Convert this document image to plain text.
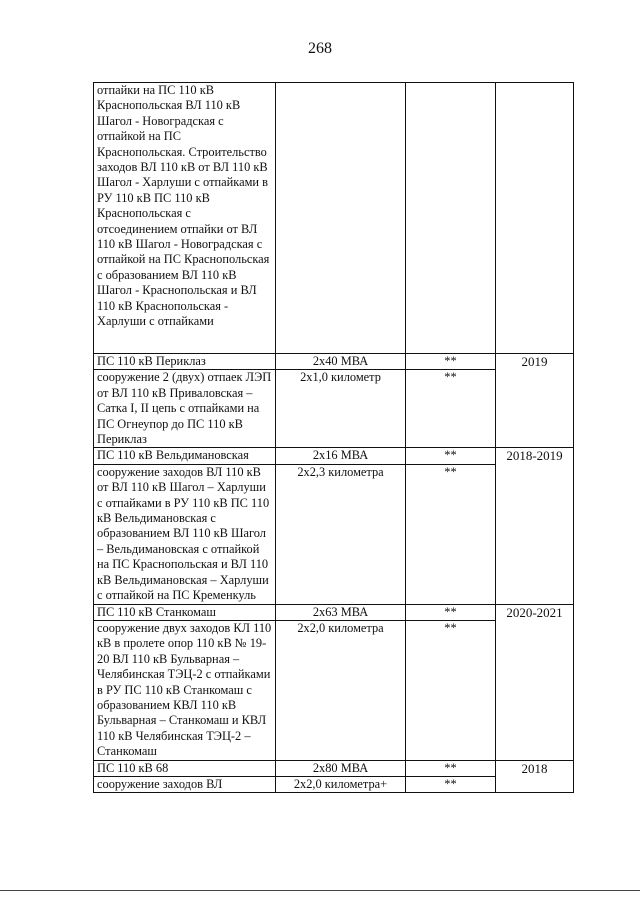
268
отпайки на ПС 110 кВ Краснопольская ВЛ 110 кВ Шагол - Новоградская с отпайкой на ПС Краснопольская. Строительство заходов ВЛ 110 кВ от ВЛ 110 кВ Шагол - Харлуши с отпайками в РУ 110 кВ ПС 110 кВ Краснопольская с отсоединением отпайки от ВЛ 110 кВ Шагол - Новоградская с отпайкой на ПС Краснопольская с образованием ВЛ 110 кВ Шагол - Краснопольская и ВЛ 110 кВ Краснопольская - Харлуши с отпайками			
ПС 110 кВ Периклаз	2x40 МВА	**	2019
сооружение 2 (двух) отпаек ЛЭП от ВЛ 110 кВ Приваловская – Сатка I, II цепь с отпайками на ПС Огнеупор до ПС 110 кВ Периклаз	2x1,0 километр	**	
ПС 110 кВ Вельдимановская	2x16 МВА	**	2018-2019
сооружение заходов ВЛ 110 кВ от ВЛ 110 кВ Шагол – Харлуши с отпайками в РУ 110 кВ ПС 110 кВ Вельдимановская с образованием ВЛ 110 кВ Шагол – Вельдимановская с отпайкой на ПС Краснопольская и ВЛ 110 кВ Вельдимановская – Харлуши с отпайкой на ПС Кременкуль	2x2,3 километра	**	
ПС 110 кВ Станкомаш	2x63 МВА	**	2020-2021
сооружение двух заходов КЛ 110 кВ в пролете опор 110 кВ № 19-20 ВЛ 110 кВ Бульварная – Челябинская ТЭЦ-2 с отпайками в РУ ПС 110 кВ Станкомаш с образованием КВЛ 110 кВ Бульварная – Станкомаш и КВЛ 110 кВ Челябинская ТЭЦ-2 – Станкомаш	2x2,0 километра	**	
ПС 110 кВ 68	2x80 МВА	**	2018
сооружение заходов ВЛ	2x2,0 километра+	**	
